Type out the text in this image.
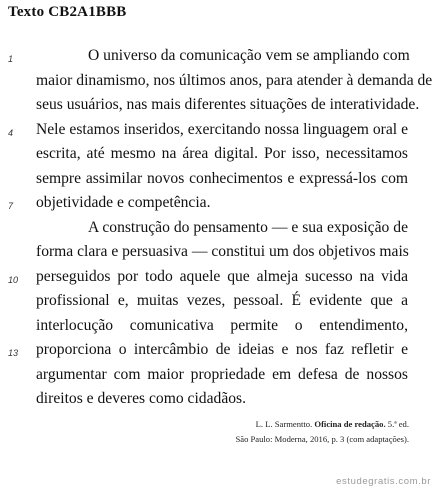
Texto CB2A1BBB
1	O universo da comunicação vem se ampliando com
maior dinamismo, nos últimos anos, para atender à demanda de
seus usuários, nas mais diferentes situações de interatividade.
4	Nele estamos inseridos, exercitando nossa linguagem oral e
escrita, até mesmo na área digital. Por isso, necessitamos
sempre assimilar novos conhecimentos e expressá-los com
7	objetividade e competência.
A construção do pensamento — e sua exposição de
forma clara e persuasiva — constitui um dos objetivos mais
10 perseguidos por todo aquele que almeja sucesso na vida
profissional e, muitas vezes, pessoal. É evidente que a
interlocução comunicativa permite o entendimento,
13 proporciona o intercâmbio de ideias e nos faz refletir e
argumentar com maior propriedade em defesa de nossos
direitos e deveres como cidadãos.
L. L. Sarmentto. Oficina de redação. 5.ª ed.
São Paulo: Moderna, 2016, p. 3 (com adaptações).
estudegratis.com.br
